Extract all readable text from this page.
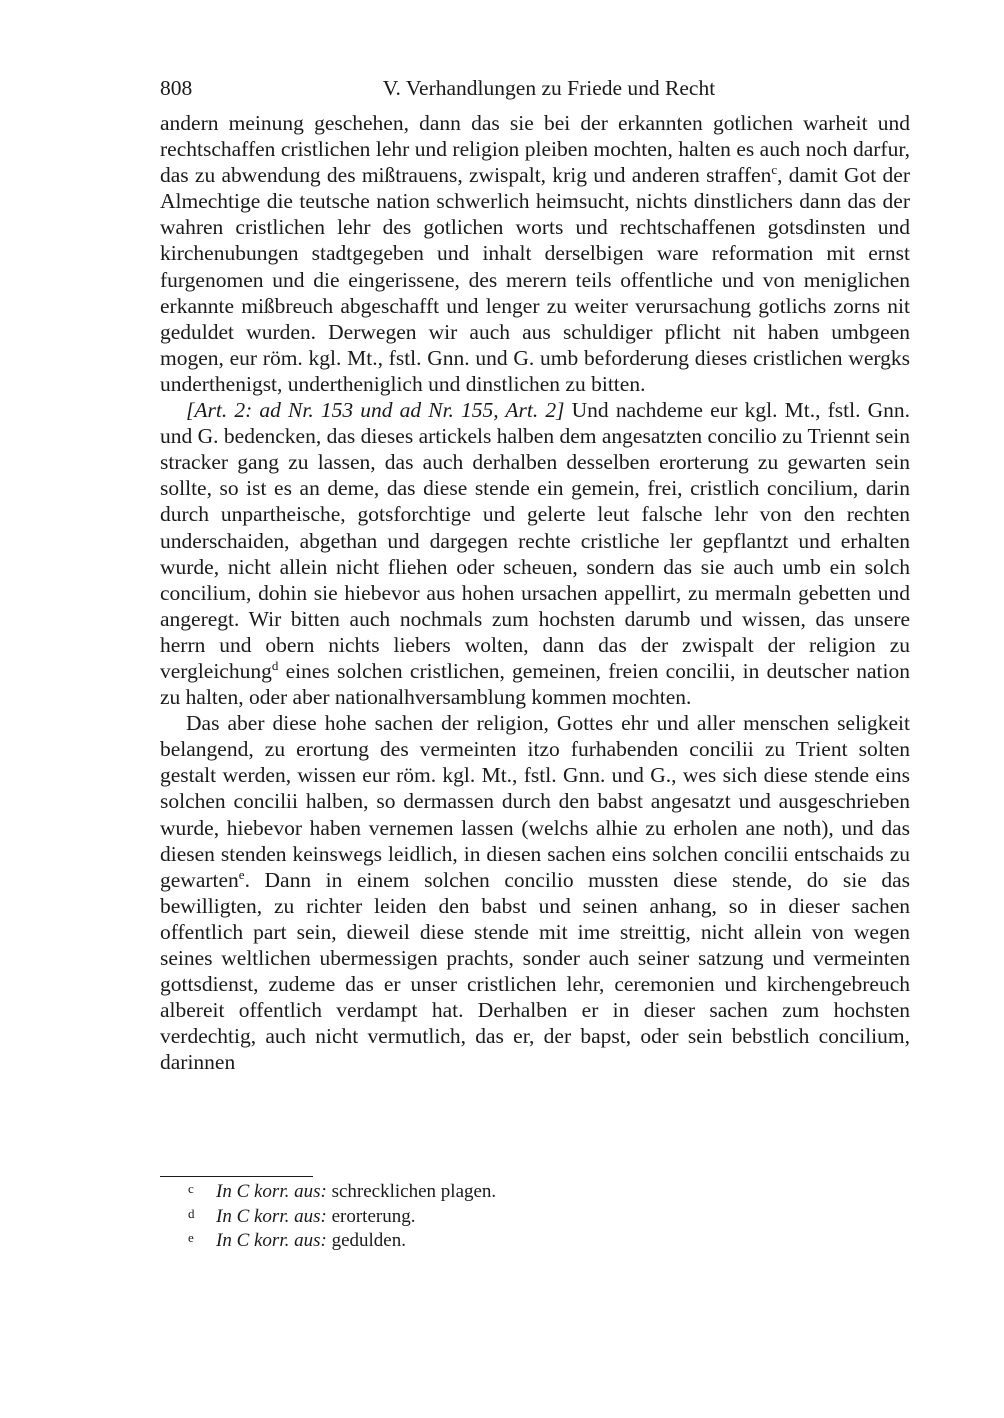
808	V. Verhandlungen zu Friede und Recht

andern meinung geschehen, dann das sie bei der erkannten gotlichen warheit und rechtschaffen cristlichen lehr und religion pleiben mochten, halten es auch noch darfur, das zu abwendung des mißtrauens, zwispalt, krig und anderen straffen$^c$, damit Got der Almechtige die teutsche nation schwerlich heimsucht, nichts dinstlichers dann das der wahren cristlichen lehr des gotlichen worts und rechtschaffenen gotsdinsten und kirchenubungen stadtgegeben und inhalt derselbigen ware reformation mit ernst furgenomen und die eingerissene, des merern teils offentliche und von meniglichen erkannte mißbreuch abgeschafft und lenger zu weiter verursachung gotlichs zorns nit geduldet wurden. Derwegen wir auch aus schuldiger pflicht nit haben umbgeen mogen, eur röm. kgl. Mt., fstl. Gnn. und G. umb beforderung dieses cristlichen wergks underthenigst, undertheniglich und dinstlichen zu bitten.

[Art. 2: ad Nr. 153 und ad Nr. 155, Art. 2] Und nachdeme eur kgl. Mt., fstl. Gnn. und G. bedencken, das dieses artickels halben dem angesatzten concilio zu Triennt sein stracker gang zu lassen, das auch derhalben desselben erorterung zu gewarten sein sollte, so ist es an deme, das diese stende ein gemein, frei, cristlich concilium, darin durch unpartheische, gotsforchtige und gelerte leut falsche lehr von den rechten underschaiden, abgethan und dargegen rechte cristliche ler gepflantzt und erhalten wurde, nicht allein nicht fliehen oder scheuen, sondern das sie auch umb ein solch concilium, dohin sie hiebevor aus hohen ursachen appellirt, zu mermaln gebetten und angeregt. Wir bitten auch nochmals zum hochsten darumb und wissen, das unsere herrn und obern nichts liebers wolten, dann das der zwispalt der religion zu vergleichung$^d$ eines solchen cristlichen, gemeinen, freien concilii, in deutscher nation zu halten, oder aber nationalhversamblung kommen mochten.

Das aber diese hohe sachen der religion, Gottes ehr und aller menschen seligkeit belangend, zu erortung des vermeinten itzo furhabenden concilii zu Trient solten gestalt werden, wissen eur röm. kgl. Mt., fstl. Gnn. und G., wes sich diese stende eins solchen concilii halben, so dermassen durch den babst angesatzt und ausgeschrieben wurde, hiebevor haben vernemen lassen (welchs alhie zu erholen ane noth), und das diesen stenden keinswegs leidlich, in diesen sachen eins solchen concilii entschaids zu gewarten$^e$. Dann in einem solchen concilio mussten diese stende, do sie das bewilligten, zu richter leiden den babst und seinen anhang, so in dieser sachen offentlich part sein, dieweil diese stende mit ime streittig, nicht allein von wegen seines weltlichen ubermessigen prachts, sonder auch seiner satzung und vermeinten gottsdienst, zudeme das er unser cristlichen lehr, ceremonien und kirchengebreuch albereit offentlich verdampt hat. Derhalben er in dieser sachen zum hochsten verdechtig, auch nicht vermutlich, das er, der bapst, oder sein bebstlich concilium, darinnen

c In C korr. aus: schrecklichen plagen.
d In C korr. aus: erorterung.
e In C korr. aus: gedulden.
